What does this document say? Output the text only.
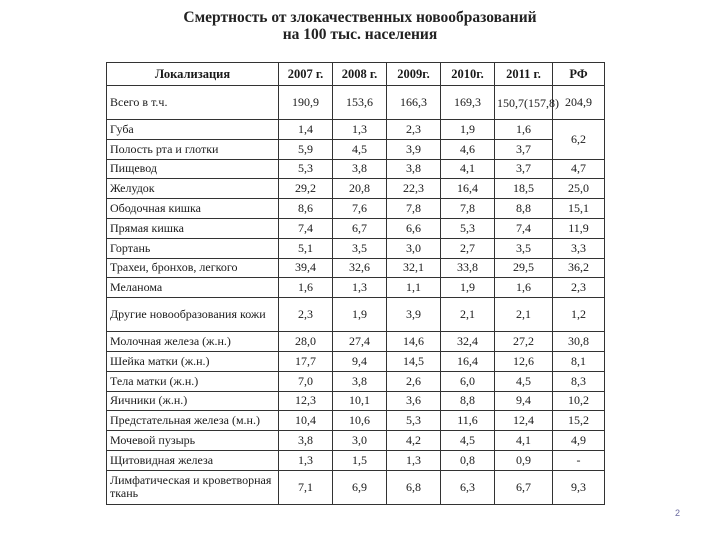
Смертность от злокачественных новообразований
на 100 тыс. населения
Локализация	2007 г.	2008 г.	2009г.	2010г.	2011 г.	РФ
Всего в т.ч.	190,9	153,6	166,3	169,3	150,7(157,8)	204,9
Губа	1,4	1,3	2,3	1,9	1,6	6,2
Полость рта и глотки	5,9	4,5	3,9	4,6	3,7	
Пищевод	5,3	3,8	3,8	4,1	3,7	4,7
Желудок	29,2	20,8	22,3	16,4	18,5	25,0
Ободочная кишка	8,6	7,6	7,8	7,8	8,8	15,1
Прямая кишка	7,4	6,7	6,6	5,3	7,4	11,9
Гортань	5,1	3,5	3,0	2,7	3,5	3,3
Трахеи, бронхов, легкого	39,4	32,6	32,1	33,8	29,5	36,2
Меланома	1,6	1,3	1,1	1,9	1,6	2,3
Другие новообразования кожи	2,3	1,9	3,9	2,1	2,1	1,2
Молочная железа (ж.н.)	28,0	27,4	14,6	32,4	27,2	30,8
Шейка матки (ж.н.)	17,7	9,4	14,5	16,4	12,6	8,1
Тела матки (ж.н.)	7,0	3,8	2,6	6,0	4,5	8,3
Яичники (ж.н.)	12,3	10,1	3,6	8,8	9,4	10,2
Предстательная железа (м.н.)	10,4	10,6	5,3	11,6	12,4	15,2
Мочевой пузырь	3,8	3,0	4,2	4,5	4,1	4,9
Щитовидная железа	1,3	1,5	1,3	0,8	0,9	-
Лимфатическая и кроветворная ткань	7,1	6,9	6,8	6,3	6,7	9,3
2
